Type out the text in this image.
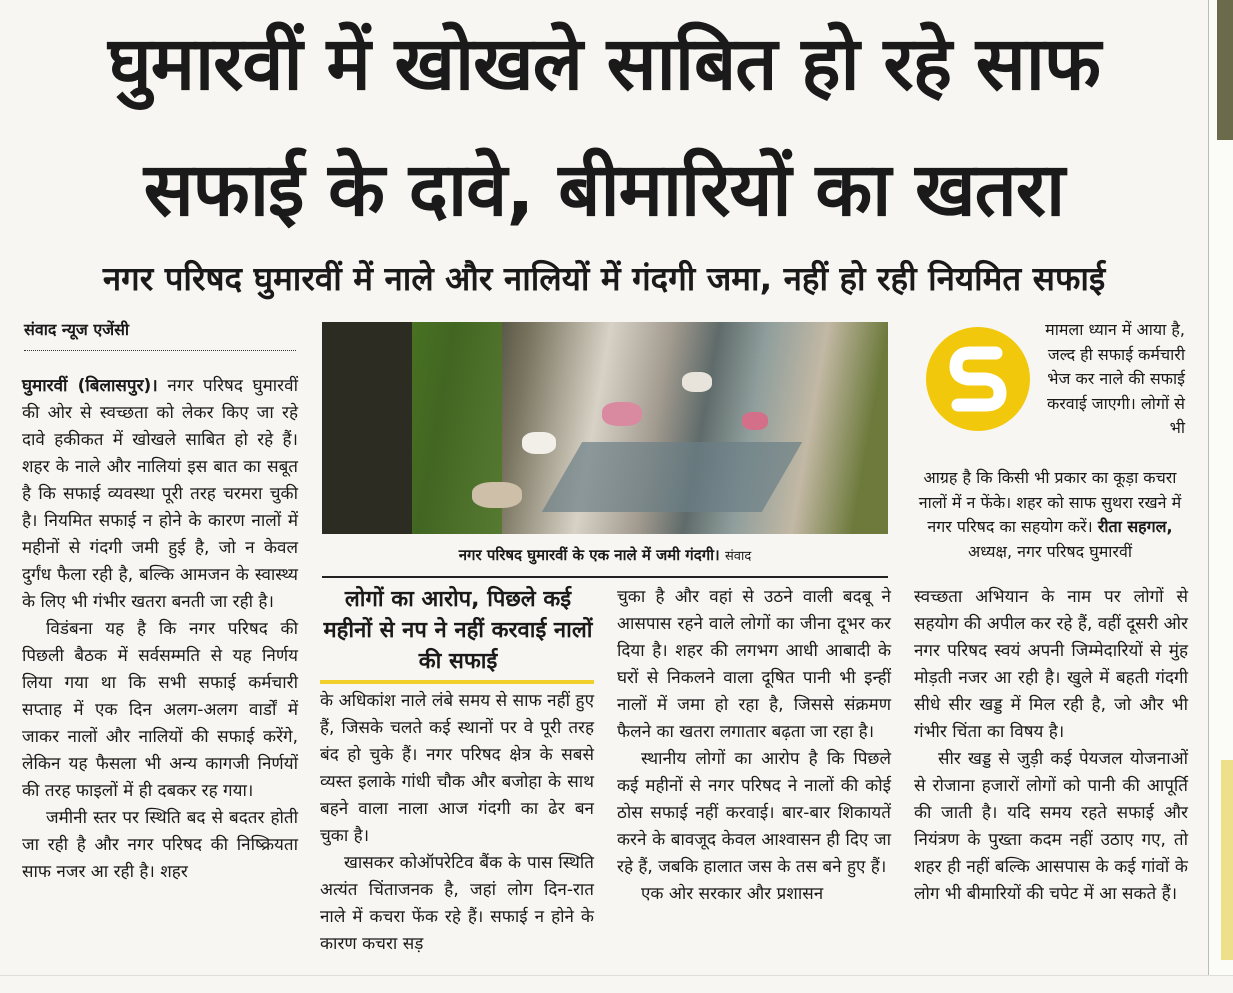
घुमारवीं में खोखले साबित हो रहे साफ
सफाई के दावे, बीमारियों का खतरा
नगर परिषद घुमारवीं में नाले और नालियों में गंदगी जमा, नहीं हो रही नियमित सफाई
संवाद न्यूज एजेंसी

घुमारवीं (बिलासपुर)। नगर परिषद घुमारवीं की ओर से स्वच्छता को लेकर किए जा रहे दावे हकीकत में खोखले साबित हो रहे हैं। शहर के नाले और नालियां इस बात का सबूत है कि सफाई व्यवस्था पूरी तरह चरमरा चुकी है। नियमित सफाई न होने के कारण नालों में महीनों से गंदगी जमी हुई है, जो न केवल दुर्गंध फैला रही है, बल्कि आमजन के स्वास्थ्य के लिए भी गंभीर खतरा बनती जा रही है।

विडंबना यह है कि नगर परिषद की पिछली बैठक में सर्वसम्मति से यह निर्णय लिया गया था कि सभी सफाई कर्मचारी सप्ताह में एक दिन अलग-अलग वार्डों में जाकर नालों और नालियों की सफाई करेंगे, लेकिन यह फैसला भी अन्य कागजी निर्णयों की तरह फाइलों में ही दबकर रह गया।

जमीनी स्तर पर स्थिति बद से बदतर होती जा रही है और नगर परिषद की निष्क्रियता साफ नजर आ रही है। शहर

नगर परिषद घुमारवीं के एक नाले में जमी गंदगी। संवाद
मामला ध्यान में आया है, जल्द ही सफाई कर्मचारी भेज कर नाले की सफाई करवाई जाएगी। लोगों से भी
आग्रह है कि किसी भी प्रकार का कूड़ा कचरा नालों में न फेंके। शहर को साफ सुथरा रखने में नगर परिषद का सहयोग करें। रीता सहगल, अध्यक्ष, नगर परिषद घुमारवीं
लोगों का आरोप, पिछले कई महीनों से नप ने नहीं करवाई नालों की सफाई

के अधिकांश नाले लंबे समय से साफ नहीं हुए हैं, जिसके चलते कई स्थानों पर वे पूरी तरह बंद हो चुके हैं। नगर परिषद क्षेत्र के सबसे व्यस्त इलाके गांधी चौक और बजोहा के साथ बहने वाला नाला आज गंदगी का ढेर बन चुका है।

खासकर कोऑपरेटिव बैंक के पास स्थिति अत्यंत चिंताजनक है, जहां लोग दिन-रात नाले में कचरा फेंक रहे हैं। सफाई न होने के कारण कचरा सड़

चुका है और वहां से उठने वाली बदबू ने आसपास रहने वाले लोगों का जीना दूभर कर दिया है। शहर की लगभग आधी आबादी के घरों से निकलने वाला दूषित पानी भी इन्हीं नालों में जमा हो रहा है, जिससे संक्रमण फैलने का खतरा लगातार बढ़ता जा रहा है।

स्थानीय लोगों का आरोप है कि पिछले कई महीनों से नगर परिषद ने नालों की कोई ठोस सफाई नहीं करवाई। बार-बार शिकायतें करने के बावजूद केवल आश्वासन ही दिए जा रहे हैं, जबकि हालात जस के तस बने हुए हैं।

एक ओर सरकार और प्रशासन

स्वच्छता अभियान के नाम पर लोगों से सहयोग की अपील कर रहे हैं, वहीं दूसरी ओर नगर परिषद स्वयं अपनी जिम्मेदारियों से मुंह मोड़ती नजर आ रही है। खुले में बहती गंदगी सीधे सीर खड्ड में मिल रही है, जो और भी गंभीर चिंता का विषय है।

सीर खड्ड से जुड़ी कई पेयजल योजनाओं से रोजाना हजारों लोगों को पानी की आपूर्ति की जाती है। यदि समय रहते सफाई और नियंत्रण के पुख्ता कदम नहीं उठाए गए, तो शहर ही नहीं बल्कि आसपास के कई गांवों के लोग भी बीमारियों की चपेट में आ सकते हैं।
